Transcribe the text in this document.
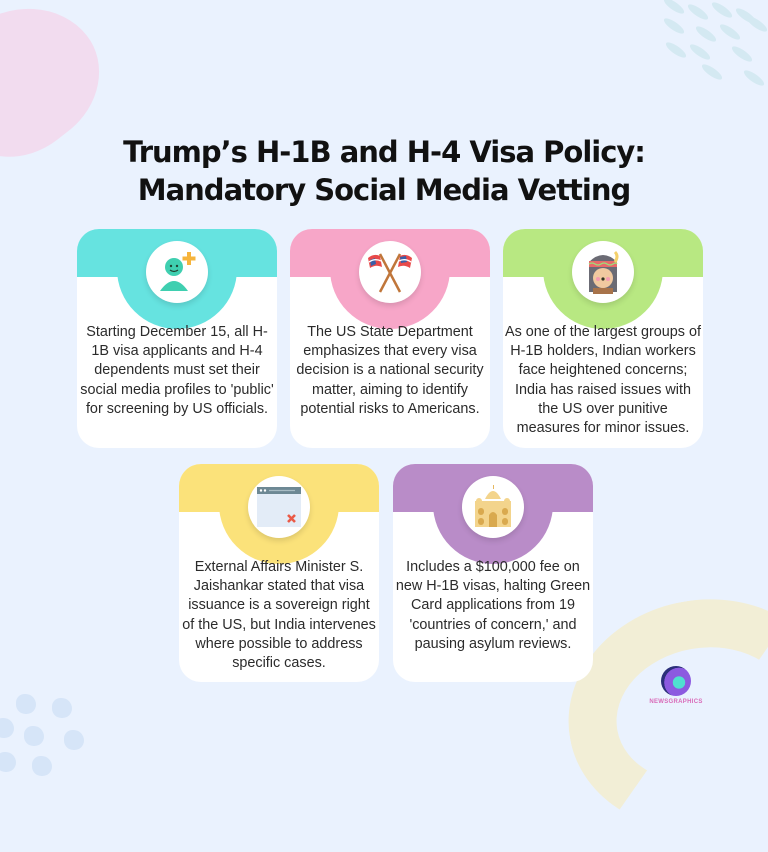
Trump’s H-1B and H-4 Visa Policy:
Mandatory Social Media Vetting
Starting December 15, all H-1B visa applicants and H-4 dependents must set their social media profiles to 'public' for screening by US officials.
The US State Department emphasizes that every visa decision is a national security matter, aiming to identify potential risks to Americans.
As one of the largest groups of H-1B holders, Indian workers face heightened concerns; India has raised issues with the US over punitive measures for minor issues.
External Affairs Minister S. Jaishankar stated that visa issuance is a sovereign right of the US, but India intervenes where possible to address specific cases.
Includes a $100,000 fee on new H-1B visas, halting Green Card applications from 19 'countries of concern,' and pausing asylum reviews.
NEWSGRAPHICS
